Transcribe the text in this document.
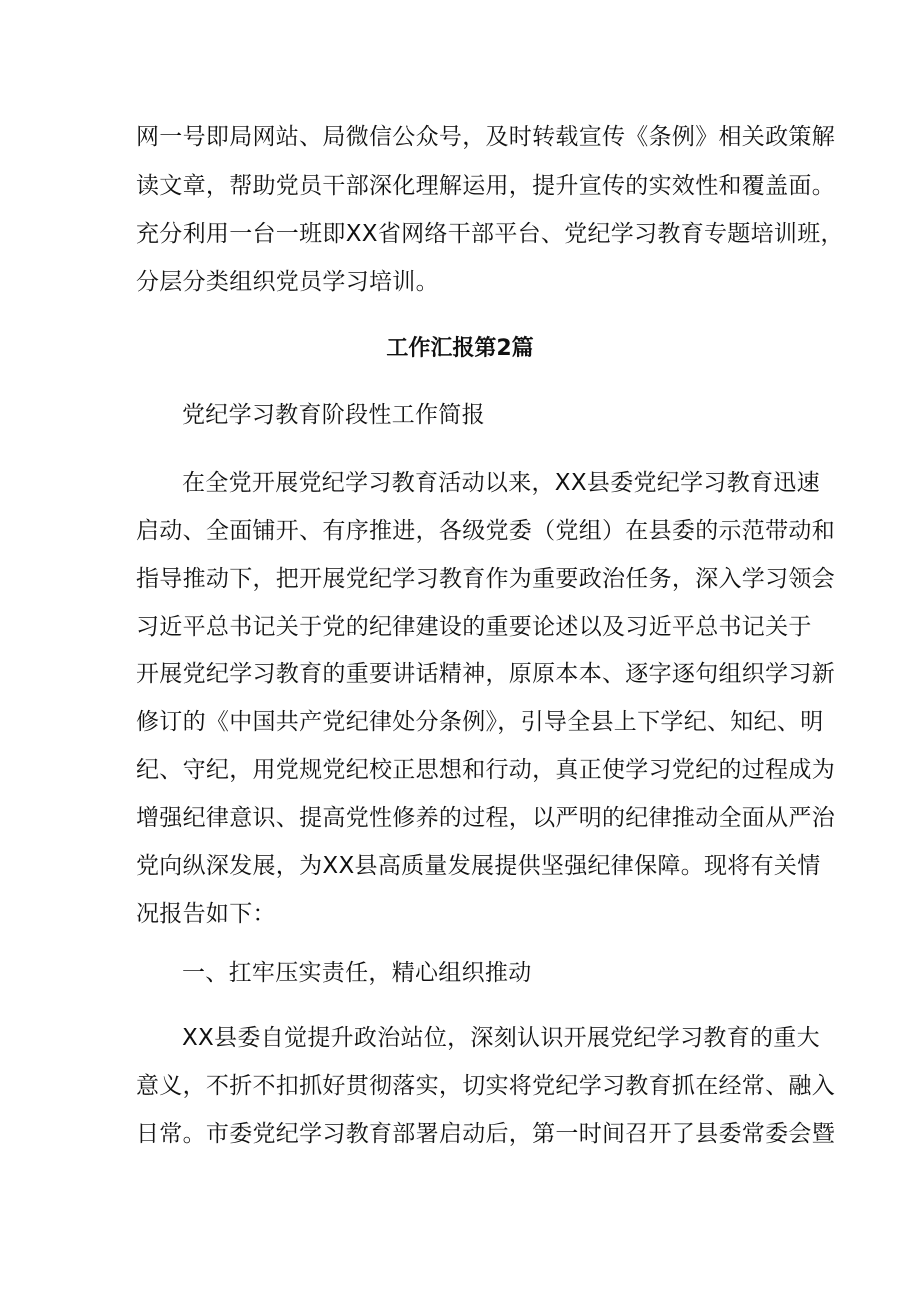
网一号即局网站、局微信公众号，及时转载宣传《条例》相关政策解
读文章，帮助党员干部深化理解运用，提升宣传的实效性和覆盖面。
充分利用一台一班即XX省网络干部平台、党纪学习教育专题培训班，
分层分类组织党员学习培训。
工作汇报第2篇
党纪学习教育阶段性工作简报
在全党开展党纪学习教育活动以来，XX县委党纪学习教育迅速
启动、全面铺开、有序推进，各级党委（党组）在县委的示范带动和
指导推动下，把开展党纪学习教育作为重要政治任务，深入学习领会
习近平总书记关于党的纪律建设的重要论述以及习近平总书记关于
开展党纪学习教育的重要讲话精神，原原本本、逐字逐句组织学习新
修订的《中国共产党纪律处分条例》，引导全县上下学纪、知纪、明
纪、守纪，用党规党纪校正思想和行动，真正使学习党纪的过程成为
增强纪律意识、提高党性修养的过程，以严明的纪律推动全面从严治
党向纵深发展，为XX县高质量发展提供坚强纪律保障。现将有关情
况报告如下：
一、扛牢压实责任，精心组织推动
XX县委自觉提升政治站位，深刻认识开展党纪学习教育的重大
意义，不折不扣抓好贯彻落实，切实将党纪学习教育抓在经常、融入
日常。市委党纪学习教育部署启动后，第一时间召开了县委常委会暨
